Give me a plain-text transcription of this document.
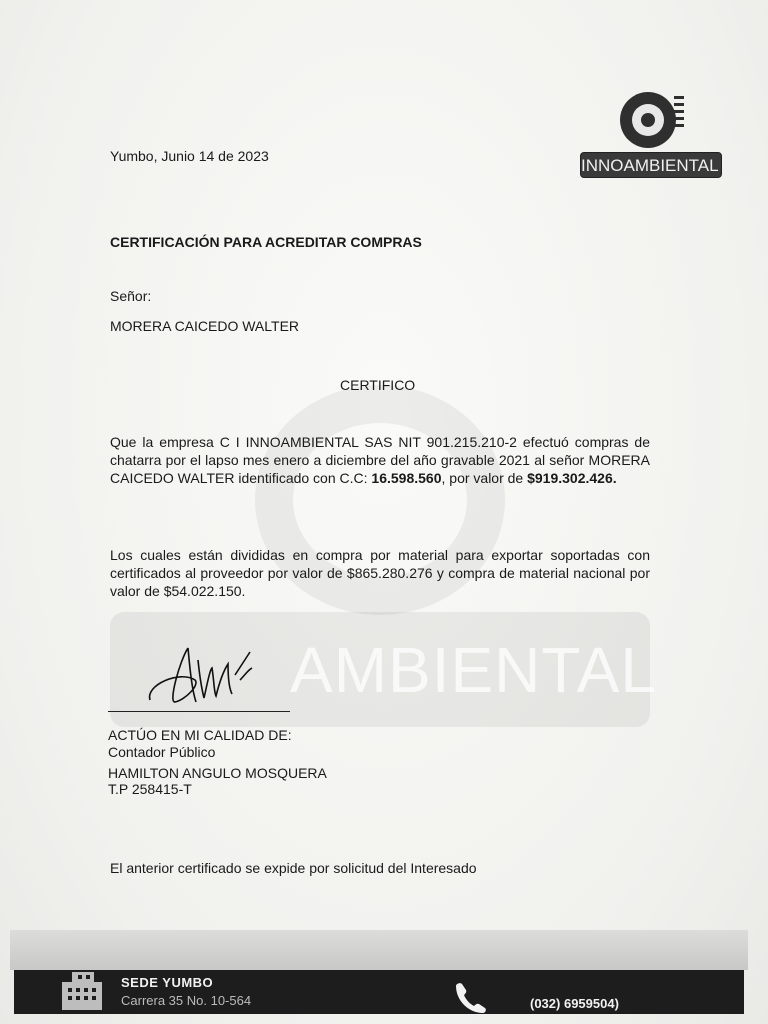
AMBIENTAL
INNOAMBIENTAL
Yumbo, Junio 14 de 2023
CERTIFICACIÓN PARA ACREDITAR COMPRAS
Señor:
MORERA CAICEDO WALTER
CERTIFICO
Que la empresa C I INNOAMBIENTAL SAS NIT 901.215.210-2 efectuó compras de chatarra por el lapso mes enero a diciembre del año gravable 2021 al señor MORERA CAICEDO WALTER identificado con C.C: 16.598.560, por valor de $919.302.426.
Los cuales están divididas en compra por material para exportar soportadas con certificados al proveedor por valor de $865.280.276 y compra de material nacional por valor de $54.022.150.
ACTÚO EN MI CALIDAD DE:
Contador Público
HAMILTON ANGULO MOSQUERA
T.P 258415-T
El anterior certificado se expide por solicitud del Interesado
SEDE YUMBO
Carrera 35 No. 10-564	(032) 6959504)
